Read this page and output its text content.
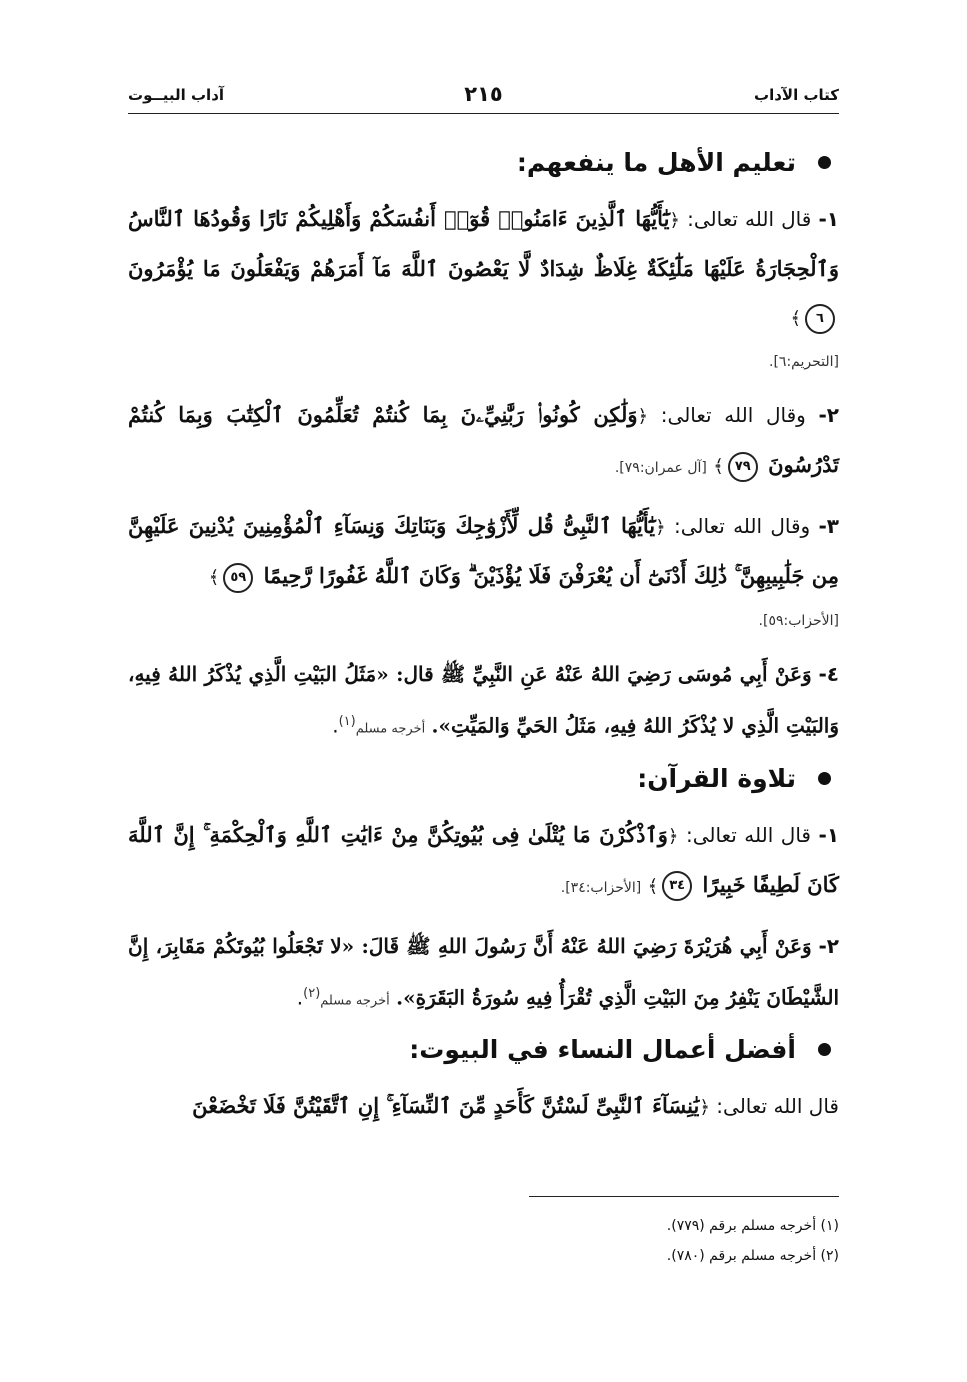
كتاب الآداب
٢١٥
آداب البيــوت
تعليم الأهل ما ينفعهم:
١- قال الله تعالى: ﴿يَٰٓأَيُّهَا ٱلَّذِينَ ءَامَنُوا۟ قُوٓا۟ أَنفُسَكُمْ وَأَهْلِيكُمْ نَارًا وَقُودُهَا ٱلنَّاسُ وَٱلْحِجَارَةُ عَلَيْهَا مَلَٰٓئِكَةٌ غِلَاظٌ شِدَادٌ لَّا يَعْصُونَ ٱللَّهَ مَآ أَمَرَهُمْ وَيَفْعَلُونَ مَا يُؤْمَرُونَ ٦﴾
[التحريم:٦].
٢- وقال الله تعالى: ﴿وَلَٰكِن كُونُوا۟ رَبَّٰنِيِّۦنَ بِمَا كُنتُمْ تُعَلِّمُونَ ٱلْكِتَٰبَ وَبِمَا كُنتُمْ تَدْرُسُونَ ٧٩﴾ [آل عمران:٧٩].
٣- وقال الله تعالى: ﴿يَٰٓأَيُّهَا ٱلنَّبِىُّ قُل لِّأَزْوَٰجِكَ وَبَنَاتِكَ وَنِسَآءِ ٱلْمُؤْمِنِينَ يُدْنِينَ عَلَيْهِنَّ مِن جَلَٰبِيبِهِنَّ ۚ ذَٰلِكَ أَدْنَىٰٓ أَن يُعْرَفْنَ فَلَا يُؤْذَيْنَ ۗ وَكَانَ ٱللَّهُ غَفُورًا رَّحِيمًا ٥٩﴾
[الأحزاب:٥٩].
٤- وَعَنْ أَبِي مُوسَى رَضِيَ اللهُ عَنْهُ عَنِ النَّبِيِّ ﷺ قال: «مَثَلُ البَيْتِ الَّذِي يُذْكَرُ اللهُ فِيهِ، وَالبَيْتِ الَّذِي لا يُذْكَرُ اللهُ فِيهِ، مَثَلُ الحَيِّ وَالمَيِّتِ». أخرجه مسلم$^{(١)}$.
تلاوة القرآن:
١- قال الله تعالى: ﴿وَٱذْكُرْنَ مَا يُتْلَىٰ فِى بُيُوتِكُنَّ مِنْ ءَايَٰتِ ٱللَّهِ وَٱلْحِكْمَةِ ۚ إِنَّ ٱللَّهَ كَانَ لَطِيفًا خَبِيرًا ٣٤﴾ [الأحزاب:٣٤].
٢- وَعَنْ أَبِي هُرَيْرَةَ رَضِيَ اللهُ عَنْهُ أَنَّ رَسُولَ اللهِ ﷺ قَالَ: «لا تَجْعَلُوا بُيُوتَكُمْ مَقَابِرَ، إِنَّ الشَّيْطَانَ يَنْفِرُ مِنَ البَيْتِ الَّذِي تُقْرَأُ فِيهِ سُورَةُ البَقَرَةِ». أخرجه مسلم$^{(٢)}$.
أفضل أعمال النساء في البيوت:
قال الله تعالى: ﴿يَٰنِسَآءَ ٱلنَّبِىِّ لَسْتُنَّ كَأَحَدٍ مِّنَ ٱلنِّسَآءِ ۚ إِنِ ٱتَّقَيْتُنَّ فَلَا تَخْضَعْنَ
(١) أخرجه مسلم برقم (٧٧٩).
(٢) أخرجه مسلم برقم (٧٨٠).
